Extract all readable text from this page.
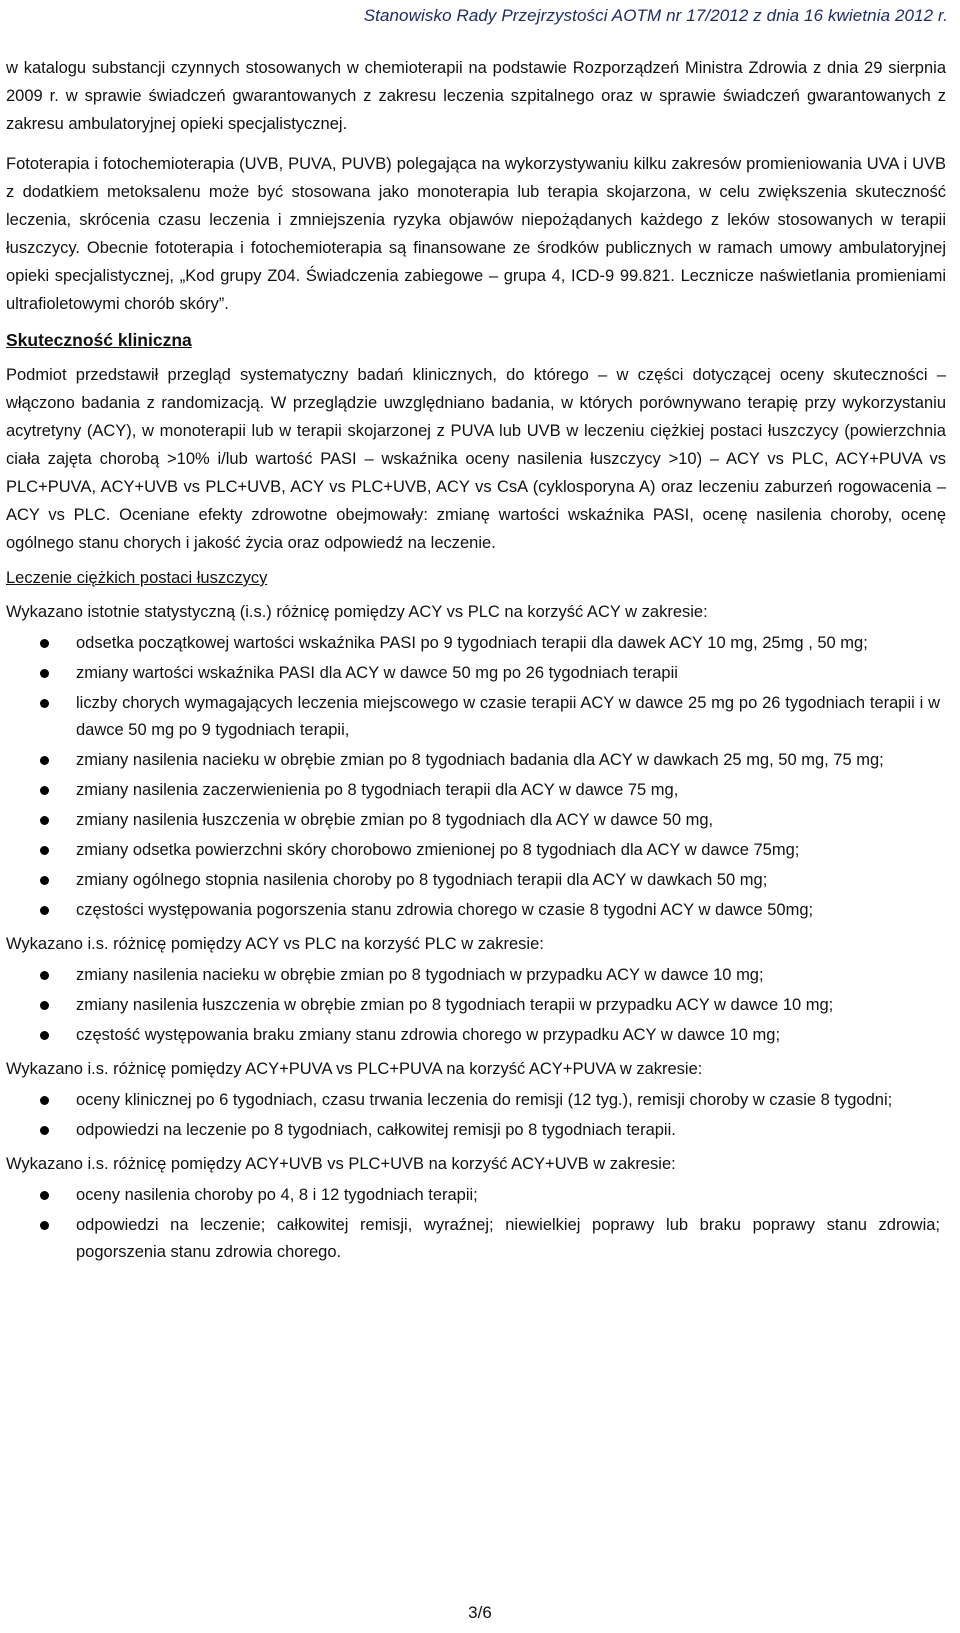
Stanowisko Rady Przejrzystości AOTM nr 17/2012 z dnia 16 kwietnia 2012 r.

w katalogu substancji czynnych stosowanych w chemioterapii na podstawie Rozporządzeń Ministra Zdrowia z dnia 29 sierpnia 2009 r. w sprawie świadczeń gwarantowanych z zakresu leczenia szpitalnego oraz w sprawie świadczeń gwarantowanych z zakresu ambulatoryjnej opieki specjalistycznej.

Fototerapia i fotochemioterapia (UVB, PUVA, PUVB) polegająca na wykorzystywaniu kilku zakresów promieniowania UVA i UVB z dodatkiem metoksalenu może być stosowana jako monoterapia lub terapia skojarzona, w celu zwiększenia skuteczność leczenia, skrócenia czasu leczenia i zmniejszenia ryzyka objawów niepożądanych każdego z leków stosowanych w terapii łuszczycy. Obecnie fototerapia i fotochemioterapia są finansowane ze środków publicznych w ramach umowy ambulatoryjnej opieki specjalistycznej, „Kod grupy Z04. Świadczenia zabiegowe – grupa 4, ICD-9 99.821. Lecznicze naświetlania promieniami ultrafioletowymi chorób skóry”.

Skuteczność kliniczna

Podmiot przedstawił przegląd systematyczny badań klinicznych, do którego – w części dotyczącej oceny skuteczności – włączono badania z randomizacją. W przeglądzie uwzględniano badania, w których porównywano terapię przy wykorzystaniu acytretyny (ACY), w monoterapii lub w terapii skojarzonej z PUVA lub UVB w leczeniu ciężkiej postaci łuszczycy (powierzchnia ciała zajęta chorobą >10% i/lub wartość PASI – wskaźnika oceny nasilenia łuszczycy >10) – ACY vs PLC, ACY+PUVA vs PLC+PUVA, ACY+UVB vs PLC+UVB, ACY vs PLC+UVB, ACY vs CsA (cyklosporyna A) oraz leczeniu zaburzeń rogowacenia – ACY vs PLC. Oceniane efekty zdrowotne obejmowały: zmianę wartości wskaźnika PASI, ocenę nasilenia choroby, ocenę ogólnego stanu chorych i jakość życia oraz odpowiedź na leczenie.

Leczenie ciężkich postaci łuszczycy
Wykazano istotnie statystyczną (i.s.) różnicę pomiędzy ACY vs PLC na korzyść ACY w zakresie:
odsetka początkowej wartości wskaźnika PASI po 9 tygodniach terapii dla dawek ACY 10 mg, 25mg , 50 mg;
zmiany wartości wskaźnika PASI dla ACY w dawce 50 mg po 26 tygodniach terapii
liczby chorych wymagających leczenia miejscowego w czasie terapii ACY w dawce 25 mg po 26 tygodniach terapii i w dawce 50 mg po 9 tygodniach terapii,
zmiany nasilenia nacieku w obrębie zmian po 8 tygodniach badania dla ACY w dawkach 25 mg, 50 mg, 75 mg;
zmiany nasilenia zaczerwienienia po 8 tygodniach terapii dla ACY w dawce 75 mg,
zmiany nasilenia łuszczenia w obrębie zmian po 8 tygodniach dla ACY w dawce 50 mg,
zmiany odsetka powierzchni skóry chorobowo zmienionej po 8 tygodniach dla ACY w dawce 75mg;
zmiany ogólnego stopnia nasilenia choroby po 8 tygodniach terapii dla ACY w dawkach 50 mg;
częstości występowania pogorszenia stanu zdrowia chorego w czasie 8 tygodni ACY w dawce 50mg;
Wykazano i.s. różnicę pomiędzy ACY vs PLC na korzyść PLC w zakresie:
zmiany nasilenia nacieku w obrębie zmian po 8 tygodniach w przypadku ACY w dawce 10 mg;
zmiany nasilenia łuszczenia w obrębie zmian po 8 tygodniach terapii w przypadku ACY w dawce 10 mg;
częstość występowania braku zmiany stanu zdrowia chorego w przypadku ACY w dawce 10 mg;
Wykazano i.s. różnicę pomiędzy ACY+PUVA vs PLC+PUVA na korzyść ACY+PUVA w zakresie:
oceny klinicznej po 6 tygodniach, czasu trwania leczenia do remisji (12 tyg.), remisji choroby w czasie 8 tygodni;
odpowiedzi na leczenie po 8 tygodniach, całkowitej remisji po 8 tygodniach terapii.
Wykazano i.s. różnicę pomiędzy ACY+UVB vs PLC+UVB na korzyść ACY+UVB w zakresie:
oceny nasilenia choroby po 4, 8 i 12 tygodniach terapii;
odpowiedzi na leczenie; całkowitej remisji, wyraźnej; niewielkiej poprawy lub braku poprawy stanu zdrowia; pogorszenia stanu zdrowia chorego.
3/6
